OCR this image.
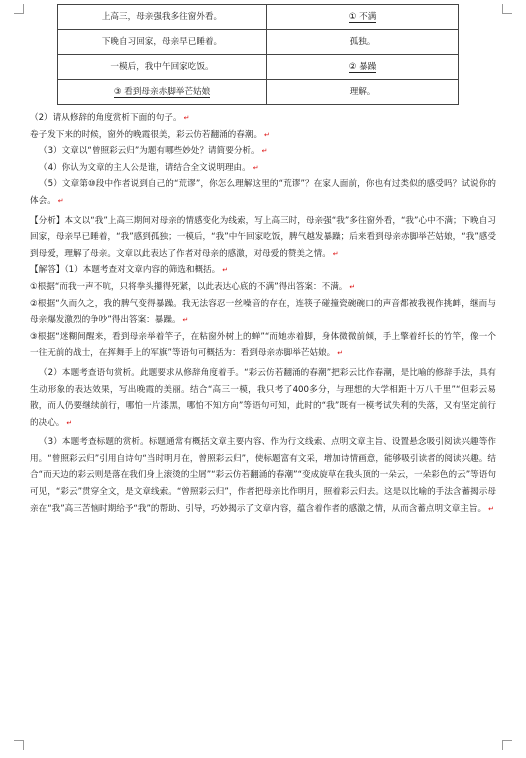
上高三，母亲强我多往窗外看。	① 不满
下晚自习回家，母亲早已睡着。	孤独。
一模后，我中午回家吃饭。	② 暴躁
③ 看到母亲赤脚举芒姑娘	理解。

（2）请从修辞的角度赏析下面的句子。 ↵

卷子发下来的时候，窗外的晚霞很美，彩云仿若翻涌的春潮。 ↵

（3）文章以“曾照彩云归”为题有哪些妙处？请简要分析。 ↵

（4）你认为文章的主人公是谁，请结合全文说明理由。 ↵

（5）文章第⑩段中作者说到自己的“荒谬”，你怎么理解这里的“荒谬”？在家人面前，你也有过类似的感受吗？试说你的体会。 ↵

【分析】本文以“我”上高三期间对母亲的情感变化为线索，写上高三时，母亲强“我”多往窗外看，“我”心中不满；下晚自习回家，母亲早已睡着，“我”感到孤独；一模后，“我”中午回家吃饭，脾气越发暴躁；后来看到母亲赤脚举芒姑娘，“我”感受到母爱，理解了母亲。文章以此表达了作者对母亲的感激，对母爱的赞美之情。 ↵

【解答】（1）本题考查对文章内容的筛选和概括。 ↵

①根据“而我一声不吭，只将拳头攥得死紧，以此表达心底的不满”得出答案：不满。 ↵

②根据“久而久之，我的脾气变得暴躁。我无法容忍一丝噪音的存在，连筷子碰撞瓷碗碗口的声音都被我视作挑衅，继而与母亲爆发激烈的争吵”得出答案：暴躁。 ↵

③根据“迷糊间醒来，看到母亲举着竿子，在粘窗外树上的蝉”“而她赤着脚，身体微微前倾，手上擎着纤长的竹竿，像一个一往无前的战士，在挥舞手上的军旗”等语句可概括为：看到母亲赤脚举芒姑娘。 ↵

（2）本题考查语句赏析。此题要求从修辞角度着手。“彩云仿若翻涌的春潮”把彩云比作春潮，是比喻的修辞手法，具有生动形象的表达效果，写出晚霞的美丽。结合“高三一模，我只考了400多分，与理想的大学相距十万八千里”“但彩云易散，而人仍要继续前行，哪怕一片漆黑，哪怕不知方向”等语句可知，此时的“我”既有一模考试失利的失落，又有坚定前行的决心。 ↵

（3）本题考查标题的赏析。标题通常有概括文章主要内容、作为行文线索、点明文章主旨、设置悬念吸引阅读兴趣等作用。“曾照彩云归”引用自诗句“当时明月在，曾照彩云归”，使标题富有文采，增加诗情画意，能够吸引读者的阅读兴趣。结合“而天边的彩云则是落在我们身上滚烫的尘屑”“彩云仿若翻涌的春潮”“变成旋草在我头顶的一朵云，一朵彩色的云”等语句可见，“彩云”贯穿全文，是文章线索。“曾照彩云归”，作者把母亲比作明月，照着彩云归去。这是以比喻的手法含蓄揭示母亲在“我”高三苦恼时期给予“我”的帮助、引导，巧妙揭示了文章内容，蕴含着作者的感激之情，从而含蓄点明文章主旨。 ↵
